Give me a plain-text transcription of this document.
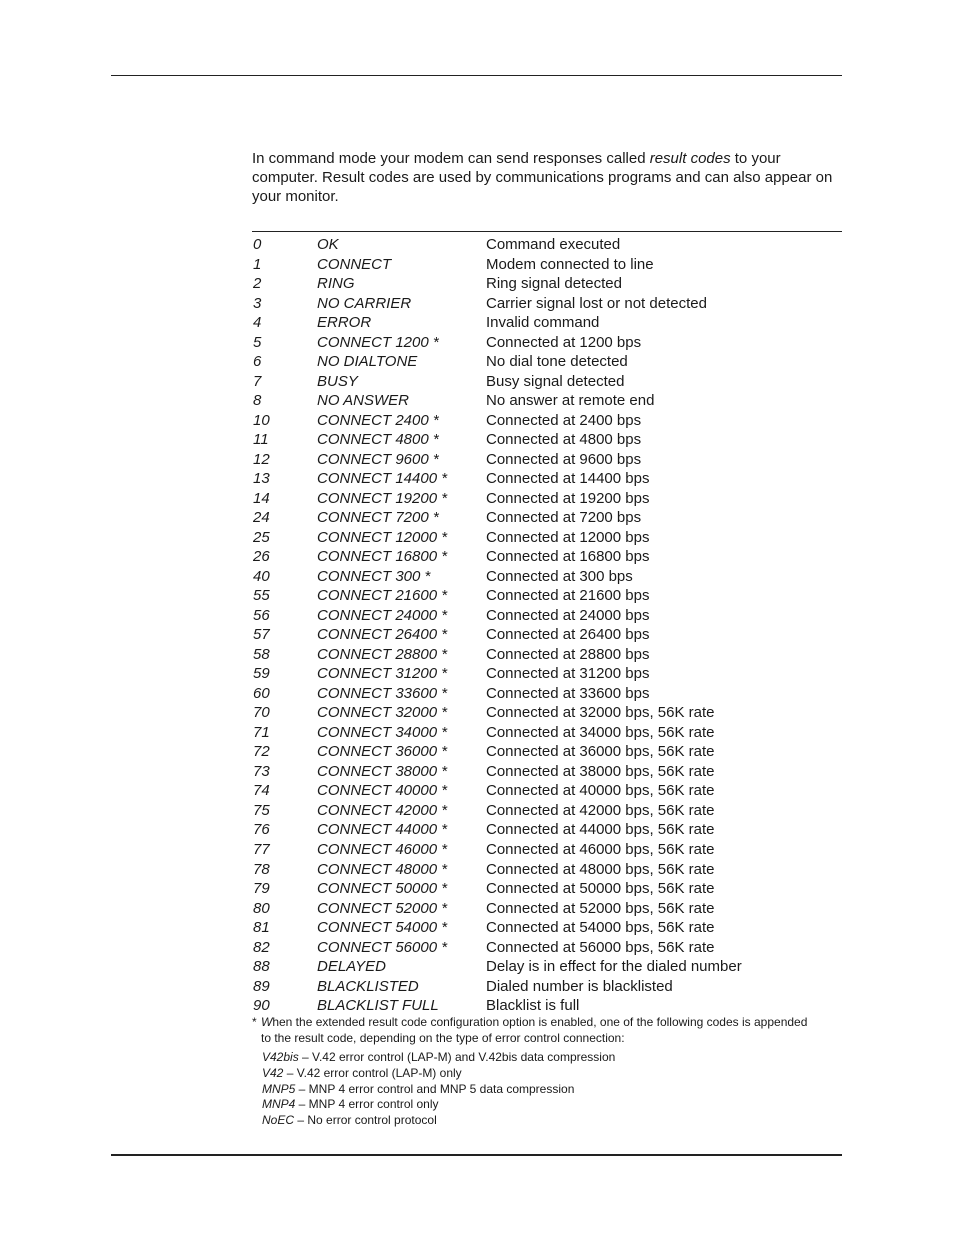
In command mode your modem can send responses called result codes to your computer. Result codes are used by communications programs and can also appear on your monitor.

0	OK	Command executed
1	CONNECT	Modem connected to line
2	RING	Ring signal detected
3	NO CARRIER	Carrier signal lost or not detected
4	ERROR	Invalid command
5	CONNECT 1200 *	Connected at 1200 bps
6	NO DIALTONE	No dial tone detected
7	BUSY	Busy signal detected
8	NO ANSWER	No answer at remote end
10	CONNECT 2400 *	Connected at 2400 bps
11	CONNECT 4800 *	Connected at 4800 bps
12	CONNECT 9600 *	Connected at 9600 bps
13	CONNECT 14400 *	Connected at 14400 bps
14	CONNECT 19200 *	Connected at 19200 bps
24	CONNECT 7200 *	Connected at 7200 bps
25	CONNECT 12000 *	Connected at 12000 bps
26	CONNECT 16800 *	Connected at 16800 bps
40	CONNECT 300 *	Connected at 300 bps
55	CONNECT 21600 *	Connected at 21600 bps
56	CONNECT 24000 *	Connected at 24000 bps
57	CONNECT 26400 *	Connected at 26400 bps
58	CONNECT 28800 *	Connected at 28800 bps
59	CONNECT 31200 *	Connected at 31200 bps
60	CONNECT 33600 *	Connected at 33600 bps
70	CONNECT 32000 *	Connected at 32000 bps, 56K rate
71	CONNECT 34000 *	Connected at 34000 bps, 56K rate
72	CONNECT 36000 *	Connected at 36000 bps, 56K rate
73	CONNECT 38000 *	Connected at 38000 bps, 56K rate
74	CONNECT 40000 *	Connected at 40000 bps, 56K rate
75	CONNECT 42000 *	Connected at 42000 bps, 56K rate
76	CONNECT 44000 *	Connected at 44000 bps, 56K rate
77	CONNECT 46000 *	Connected at 46000 bps, 56K rate
78	CONNECT 48000 *	Connected at 48000 bps, 56K rate
79	CONNECT 50000 *	Connected at 50000 bps, 56K rate
80	CONNECT 52000 *	Connected at 52000 bps, 56K rate
81	CONNECT 54000 *	Connected at 54000 bps, 56K rate
82	CONNECT 56000 *	Connected at 56000 bps, 56K rate
88	DELAYED	Delay is in effect for the dialed number
89	BLACKLISTED	Dialed number is blacklisted
90	BLACKLIST FULL	Blacklist is full
* When the extended result code configuration option is enabled, one of the following codes is appended to the result code, depending on the type of error control connection:
V42bis – V.42 error control (LAP-M) and V.42bis data compression
V42 – V.42 error control (LAP-M) only
MNP5 – MNP 4 error control and MNP 5 data compression
MNP4 – MNP 4 error control only
NoEC – No error control protocol
